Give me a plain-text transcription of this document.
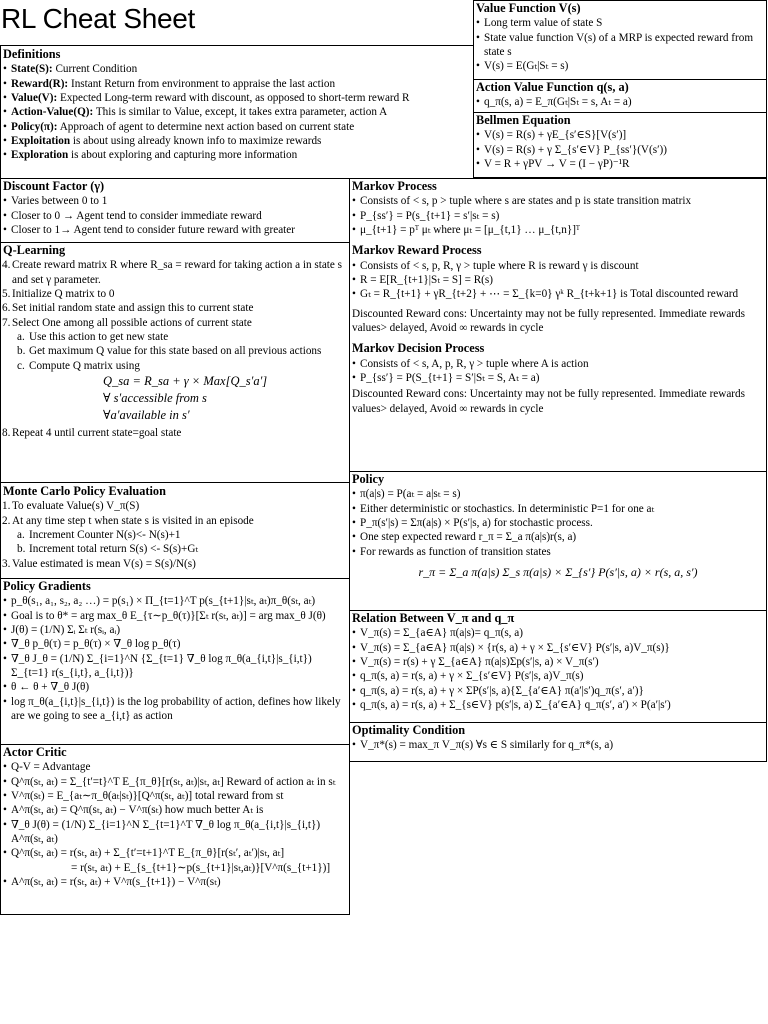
RL Cheat Sheet	Value Function V(s)
• Long term value of state S
• State value function V(s) of a MRP is expected reward from state s
• V(s) = E(Gₜ|Sₜ = s)
Action Value Function q(s, a)
• q_π(s, a) = E_π(Gₜ|Sₜ = s, Aₜ = a)
Bellmen Equation
• V(s) = R(s) + γE_{s′∈S}[V(s′)]
• V(s) = R(s) + γ Σ_{s′∈V} P_{ss′}(V(s′))
• V = R + γPV → V = (I − γP)⁻¹R
Definitions
• State(S): Current Condition
• Reward(R): Instant Return from environment to appraise the last action
• Value(V): Expected Long-term reward with discount, as opposed to short-term reward R
• Action-Value(Q): This is similar to Value, except, it takes extra parameter, action A
• Policy(π): Approach of agent to determine next action based on current state
• Exploitation is about using already known info to maximize rewards
• Exploration is about exploring and capturing more information
Discount Factor (γ)
• Varies between 0 to 1
• Closer to 0 → Agent tend to consider immediate reward
• Closer to 1→ Agent tend to consider future reward with greater
Q-Learning
4. Create reward matrix R where R_sa = reward for taking action a in state s and set γ parameter.
5. Initialize Q matrix to 0
6. Set initial random state and assign this to current state
7. Select One among all possible actions of current state
a. Use this action to get new state
b. Get maximum Q value for this state based on all previous actions
c. Compute Q matrix using
Q_sa = R_sa + γ × Max[Q_s′a′]
∀ s′accessible from s
∀a′available in s′
8. Repeat 4 until current state=goal state
Monte Carlo Policy Evaluation
1. To evaluate Value(s) V_π(S)
2. At any time step t when state s is visited in an episode
a. Increment Counter N(s)<- N(s)+1
b. Increment total return S(s) <- S(s)+Gₜ
3. Value estimated is mean V(s) = S(s)/N(s)
Policy Gradients
• p_θ(s₁, a₁, s₂, a₂ …) = p(s₁) × Π_{t=1}^T p(s_{t+1}|sₜ, aₜ)π_θ(sₜ, aₜ)
• Goal is to θ* = arg max_θ E_{τ∼p_θ(τ)}[Σₜ r(sₜ, aₜ)] = arg max_θ J(θ)
• J(θ) = (1/N) Σᵢ Σₜ r(sᵢ, aᵢ)
• ∇_θ p_θ(τ) = p_θ(τ) × ∇_θ log p_θ(τ)
• ∇_θ J_θ = (1/N) Σ_{i=1}^N {Σ_{t=1} ∇_θ log π_θ(a_{i,t}|s_{i,t}) Σ_{t=1} r(s_{i,t}, a_{i,t})}
• θ ← θ + ∇_θ J(θ)
• log π_θ(a_{i,t}|s_{i,t}) is the log probability of action, defines how likely are we going to see a_{i,t} as action
Actor Critic
• Q-V = Advantage
• Q^π(sₜ, aₜ) = Σ_{t′=t}^T E_{π_θ}[r(sₜ, aₜ)|sₜ, aₜ] Reward of action aₜ in sₜ
• V^π(sₜ) = E_{aₜ∼π_θ(aₜ|sₜ)}[Q^π(sₜ, aₜ)] total reward from st
• A^π(sₜ, aₜ) = Q^π(sₜ, aₜ) − V^π(sₜ) how much better Aₜ is
• ∇_θ J(θ) = (1/N) Σ_{i=1}^N Σ_{t=1}^T ∇_θ log π_θ(a_{i,t}|s_{i,t}) A^π(sₜ, aₜ)
• Q^π(sₜ, aₜ) = r(sₜ, aₜ) + Σ_{t′=t+1}^T E_{π_θ}[r(sₜ′, aₜ′)|sₜ, aₜ]
= r(sₜ, aₜ) + E_{s_{t+1}∼p(s_{t+1}|sₜ,aₜ)}[V^π(s_{t+1})]
• A^π(sₜ, aₜ) = r(sₜ, aₜ) + V^π(s_{t+1}) − V^π(sₜ)
Markov Process
• Consists of < s, p > tuple where s are states and p is state transition matrix
• P_{ss′} = P(s_{t+1} = s′|sₜ = s)
• μ_{t+1} = pᵀ μₜ where μₜ = [μ_{t,1} … μ_{t,n}]ᵀ
Markov Reward Process
• Consists of < s, p, R, γ > tuple where R is reward γ is discount
• R = E[R_{t+1}|Sₜ = S] = R(s)
• Gₜ = R_{t+1} + γR_{t+2} + ⋯ = Σ_{k=0} γᵏ R_{t+k+1} is Total discounted reward

Discounted Reward cons: Uncertainty may not be fully represented. Immediate rewards values> delayed, Avoid ∞ rewards in cycle

Markov Decision Process
• Consists of < s, A, p, R, γ > tuple where A is action
• P_{ss′} = P(S_{t+1} = S′|Sₜ = S, Aₜ = a)

Discounted Reward cons: Uncertainty may not be fully represented. Immediate rewards values> delayed, Avoid ∞ rewards in cycle

Policy
• π(a|s) = P(aₜ = a|sₜ = s)
• Either deterministic or stochastics. In deterministic P=1 for one aₜ
• P_π(s′|s) = Σπ(a|s) × P(s′|s, a) for stochastic process.
• One step expected reward r_π = Σ_a π(a|s)r(s, a)
• For rewards as function of transition states
r_π = Σ_a π(a|s) Σ_s π(a|s) × Σ_{s′} P(s′|s, a) × r(s, a, s′)
Relation Between V_π and q_π
• V_π(s) = Σ_{a∈A} π(a|s)= q_π(s, a)
• V_π(s) = Σ_{a∈A} π(a|s) × {r(s, a) + γ × Σ_{s′∈V} P(s′|s, a)V_π(s)}
• V_π(s) = r(s) + γ Σ_{a∈A} π(a|s)Σp(s′|s, a) × V_π(s′)
• q_π(s, a) = r(s, a) + γ × Σ_{s′∈V} P(s′|s, a)V_π(s)
• q_π(s, a) = r(s, a) + γ × ΣP(s′|s, a){Σ_{a′∈A} π(a′|s′)q_π(s′, a′)}
• q_π(s, a) = r(s, a) + Σ_{s∈V} p(s′|s, a) Σ_{a′∈A} q_π(s′, a′) × P(a′|s′)
Optimality Condition
• V_π*(s) = max_π V_π(s) ∀s ∈ S similarly for q_π*(s, a)
